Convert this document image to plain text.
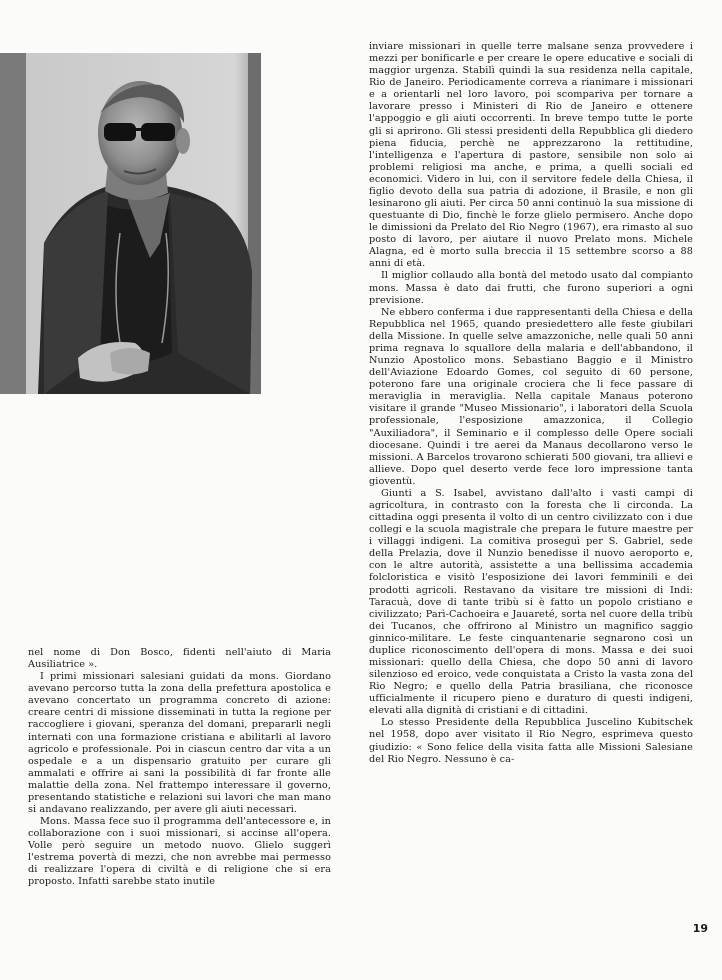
nel nome di Don Bosco, fidenti nell'aiuto di Maria Ausiliatrice ».

I primi missionari salesiani guidati da mons. Giordano avevano percorso tutta la zona della prefettura apostolica e avevano concertato un programma concreto di azione: creare centri di missione disseminati in tutta la regione per raccogliere i giovani, speranza del domani, prepararli negli internati con una formazione cristiana e abilitarli al lavoro agricolo e professionale. Poi in ciascun centro dar vita a un ospedale e a un dispensario gratuito per curare gli ammalati e offrire ai sani la possibilità di far fronte alle malattie della zona. Nel frattempo interessare il governo, presentando statistiche e relazioni sui lavori che man mano si andavano realizzando, per avere gli aiuti necessari.

Mons. Massa fece suo il programma dell'antecessore e, in collaborazione con i suoi missionari, si accinse all'opera. Volle però seguire un metodo nuovo. Glielo suggerì l'estrema povertà di mezzi, che non avrebbe mai permesso di realizzare l'opera di civiltà e di religione che si era proposto. Infatti sarebbe stato inutile

inviare missionari in quelle terre malsane senza provvedere i mezzi per bonificarle e per creare le opere educative e sociali di maggior urgenza. Stabilì quindi la sua residenza nella capitale, Rio de Janeiro. Periodicamente correva a rianimare i missionari e a orientarli nel loro lavoro, poi scompariva per tornare a lavorare presso i Ministeri di Rio de Janeiro e ottenere l'appoggio e gli aiuti occorrenti. In breve tempo tutte le porte gli si aprirono. Gli stessi presidenti della Repubblica gli diedero piena fiducia, perchè ne apprezzarono la rettitudine, l'intelligenza e l'apertura di pastore, sensibile non solo ai problemi religiosi ma anche, e prima, a quelli sociali ed economici. Videro in lui, con il servitore fedele della Chiesa, il figlio devoto della sua patria di adozione, il Brasile, e non gli lesinarono gli aiuti. Per circa 50 anni continuò la sua missione di questuante di Dio, finchè le forze glielo permisero. Anche dopo le dimissioni da Prelato del Rio Negro (1967), era rimasto al suo posto di lavoro, per aiutare il nuovo Prelato mons. Michele Alagna, ed è morto sulla breccia il 15 settembre scorso a 88 anni di età.

Il miglior collaudo alla bontà del metodo usato dal compianto mons. Massa è dato dai frutti, che furono superiori a ogni previsione.

Ne ebbero conferma i due rappresentanti della Chiesa e della Repubblica nel 1965, quando presiedettero alle feste giubilari della Missione. In quelle selve amazzoniche, nelle quali 50 anni prima regnava lo squallore della malaria e dell'abbandono, il Nunzio Apostolico mons. Sebastiano Baggio e il Ministro dell'Aviazione Edoardo Gomes, col seguito di 60 persone, poterono fare una originale crociera che li fece passare di meraviglia in meraviglia. Nella capitale Manaus poterono visitare il grande "Museo Missionario", i laboratori della Scuola professionale, l'esposizione amazzonica, il Collegio "Auxiliadora", il Seminario e il complesso delle Opere sociali diocesane. Quindi i tre aerei da Manaus decollarono verso le missioni. A Barcelos trovarono schierati 500 giovani, tra allievi e allieve. Dopo quel deserto verde fece loro impressione tanta gioventù.

Giunti a S. Isabel, avvistano dall'alto i vasti campi di agricoltura, in contrasto con la foresta che li circonda. La cittadina oggi presenta il volto di un centro civilizzato con i due collegi e la scuola magistrale che prepara le future maestre per i villaggi indigeni. La comitiva proseguì per S. Gabriel, sede della Prelazia, dove il Nunzio benedisse il nuovo aeroporto e, con le altre autorità, assistette a una bellissima accademia folcloristica e visitò l'esposizione dei lavori femminili e dei prodotti agricoli. Restavano da visitare tre missioni di Indi: Taracuà, dove di tante tribù si è fatto un popolo cristiano e civilizzato; Parì-Cachoeira e Jauareté, sorta nel cuore della tribù dei Tucanos, che offrirono al Ministro un magnifico saggio ginnico-militare. Le feste cinquantenarie segnarono così un duplice riconoscimento dell'opera di mons. Massa e dei suoi missionari: quello della Chiesa, che dopo 50 anni di lavoro silenzioso ed eroico, vede conquistata a Cristo la vasta zona del Rio Negro; e quello della Patria brasiliana, che riconosce ufficialmente il ricupero pieno e duraturo di questi indigeni, elevati alla dignità di cristiani e di cittadini.

Lo stesso Presidente della Repubblica Juscelino Kubitschek nel 1958, dopo aver visitato il Rio Negro, esprimeva questo giudizio: « Sono felice della visita fatta alle Missioni Salesiane del Rio Negro. Nessuno è ca-

19
